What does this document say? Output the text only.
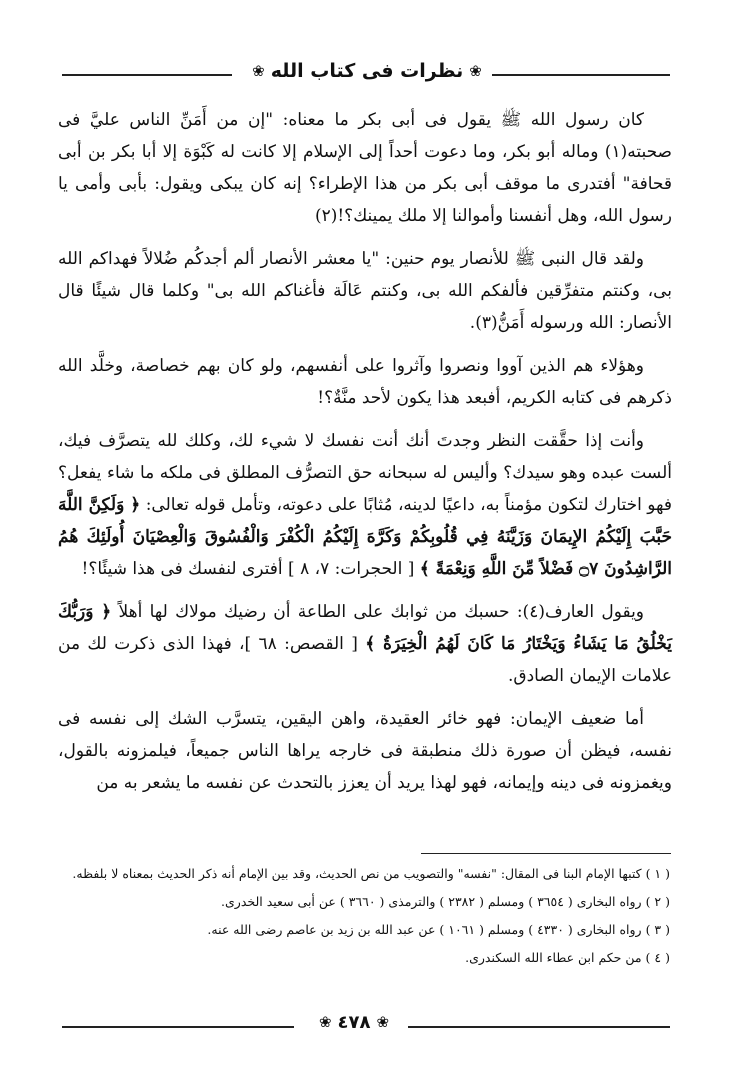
❀نظرات فى كتاب الله❀

كان رسول الله ﷺ يقول فى أبى بكر ما معناه: "إن من أَمَنِّ الناس عليَّ فى صحبته(١) وماله أبو بكر، وما دعوت أحداً إلى الإسلام إلا كانت له كَبْوَة إلا أبا بكر بن أبى قحافة" أفتدرى ما موقف أبى بكر من هذا الإطراء؟ إنه كان يبكى ويقول: بأبى وأمى يا رسول الله، وهل أنفسنا وأموالنا إلا ملك يمينك؟!(٢)

ولقد قال النبى ﷺ للأنصار يوم حنين: "يا معشر الأنصار ألم أجدكُم ضُلالاً فهداكم الله بى، وكنتم متفرِّقين فألفكم الله بى، وكنتم عَالَة فأغناكم الله بى" وكلما قال شيئًا قال الأنصار: الله ورسوله أَمَنُّ(٣).

وهؤلاء هم الذين آووا ونصروا وآثروا على أنفسهم، ولو كان بهم خصاصة، وخلَّد الله ذكرهم فى كتابه الكريم، أفبعد هذا يكون لأحد منَّةٌ؟!

وأنت إذا حقَّقت النظر وجدتَ أنك أنت نفسك لا شيء لك، وكلك لله يتصرَّف فيك، ألست عبده وهو سيدك؟ وأليس له سبحانه حق التصرُّف المطلق فى ملكه ما شاء يفعل؟ فهو اختارك لتكون مؤمناً به، داعيًا لدينه، مُثابًا على دعوته، وتأمل قوله تعالى: ﴿ وَلَكِنَّ اللَّهَ حَبَّبَ إِلَيْكُمُ الإِيمَانَ وَزَيَّنَهُ فِي قُلُوبِكُمْ وَكَرَّهَ إِلَيْكُمُ الْكُفْرَ وَالْفُسُوقَ وَالْعِصْيَانَ أُولَئِكَ هُمُ الرَّاشِدُونَ ۝٧ فَضْلاً مِّنَ اللَّهِ وَنِعْمَةً ﴾ [ الحجرات: ٧، ٨ ] أفترى لنفسك فى هذا شيئًا؟!

ويقول العارف(٤): حسبك من ثوابك على الطاعة أن رضيك مولاك لها أهلاً ﴿ وَرَبُّكَ يَخْلُقُ مَا يَشَاءُ وَيَخْتَارُ مَا كَانَ لَهُمُ الْخِيَرَةُ ﴾ [ القصص: ٦٨ ]، فهذا الذى ذكرت لك من علامات الإيمان الصادق.

أما ضعيف الإيمان: فهو خائر العقيدة، واهن اليقين، يتسرَّب الشك إلى نفسه فى نفسه، فيظن أن صورة ذلك منطبقة فى خارجه يراها الناس جميعاً، فيلمزونه بالقول، ويغمزونه فى دينه وإيمانه، فهو لهذا يريد أن يعزز بالتحدث عن نفسه ما يشعر به من

( ١ ) كتبها الإمام البنا فى المقال: "نفسه" والتصويب من نص الحديث، وقد بين الإمام أنه ذكر الحديث بمعناه لا بلفظه.

( ٢ ) رواه البخارى ( ٣٦٥٤ ) ومسلم ( ٢٣٨٢ ) والترمذى ( ٣٦٦٠ ) عن أبى سعيد الخدرى.

( ٣ ) رواه البخارى ( ٤٣٣٠ ) ومسلم ( ١٠٦١ ) عن عبد الله بن زيد بن عاصم رضى الله عنه.

( ٤ ) من حكم ابن عطاء الله السكندرى.

❀٤٧٨❀
